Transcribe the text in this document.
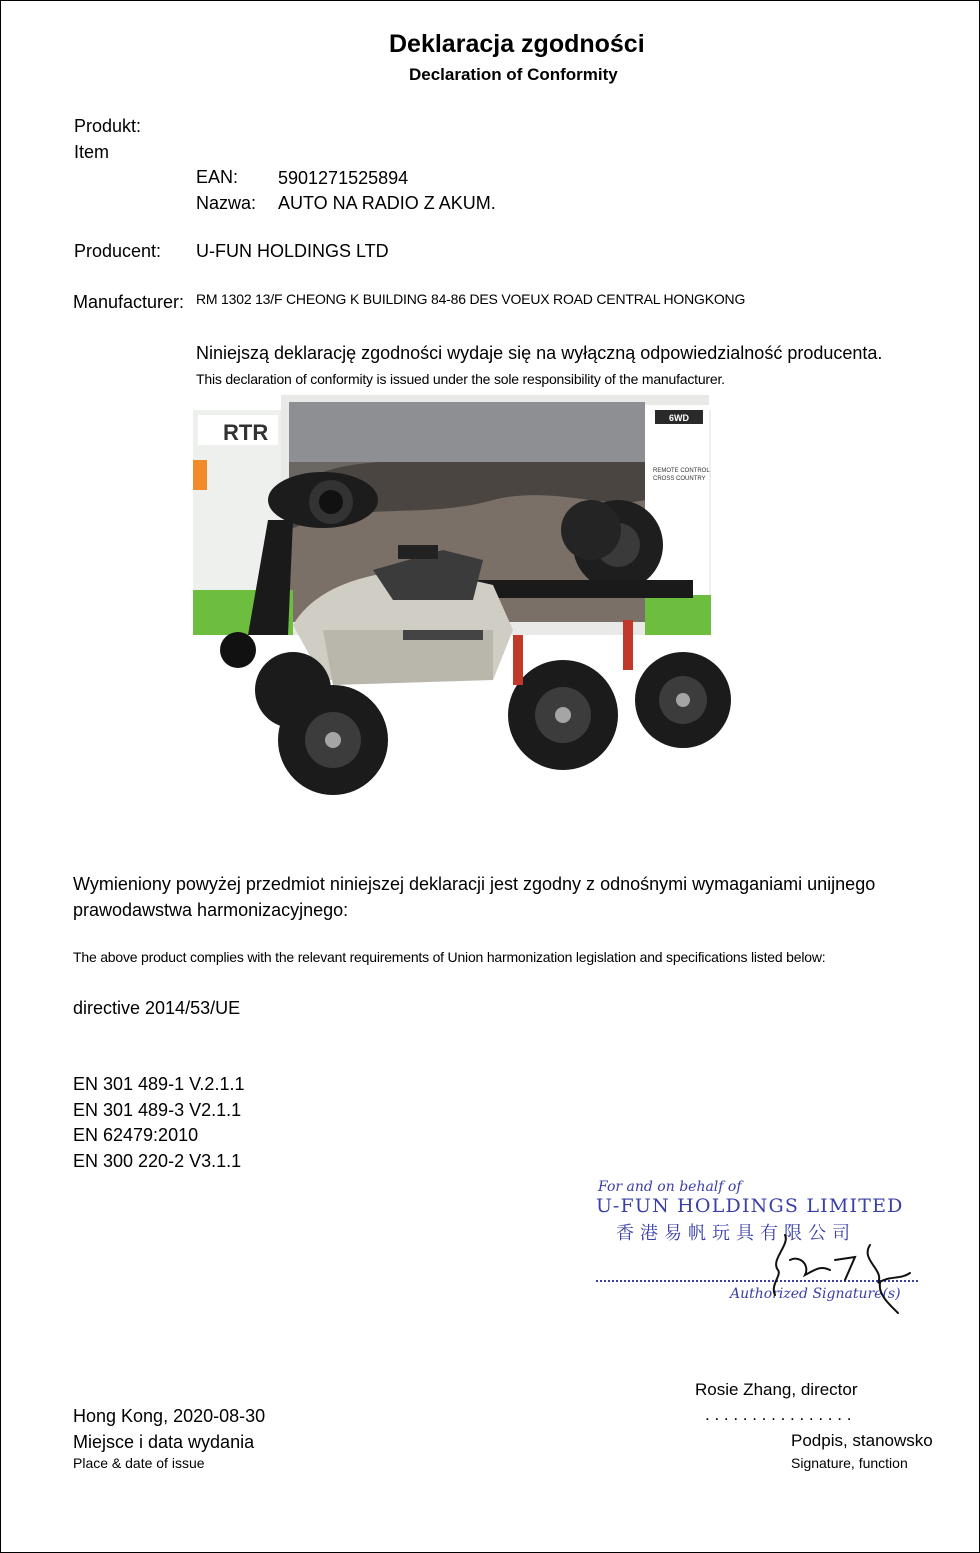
Deklaracja zgodności
Declaration of Conformity
Produkt:
Item
EAN: 5901271525894
Nazwa: AUTO NA RADIO Z AKUM.
Producent: U-FUN HOLDINGS LTD
Manufacturer: RM 1302 13/F CHEONG K BUILDING 84-86 DES VOEUX ROAD CENTRAL HONGKONG
Niniejszą deklarację zgodności wydaje się na wyłączną odpowiedzialność producenta.
This declaration of conformity is issued under the sole responsibility of the manufacturer.
6WD
REMOTE CONTROL
CROSS COUNTRY
RTR
Wymieniony powyżej przedmiot niniejszej deklaracji jest zgodny z odnośnymi wymaganiami unijnego
prawodawstwa harmonizacyjnego:
The above product complies with the relevant requirements of Union harmonization legislation and specifications listed below:
directive 2014/53/UE
EN 301 489-1 V.2.1.1
EN 301 489-3 V2.1.1
EN 62479:2010
EN 300 220-2 V3.1.1
For and on behalf of
U-FUN HOLDINGS LIMITED
香港易帆玩具有限公司
Authorized Signature(s)
Rosie Zhang, director
Hong Kong, 2020-08-30	. . . . . . . . . . . . . . . .
Miejsce i data wydania	Podpis, stanowsko
Place & date of issue	Signature, function
